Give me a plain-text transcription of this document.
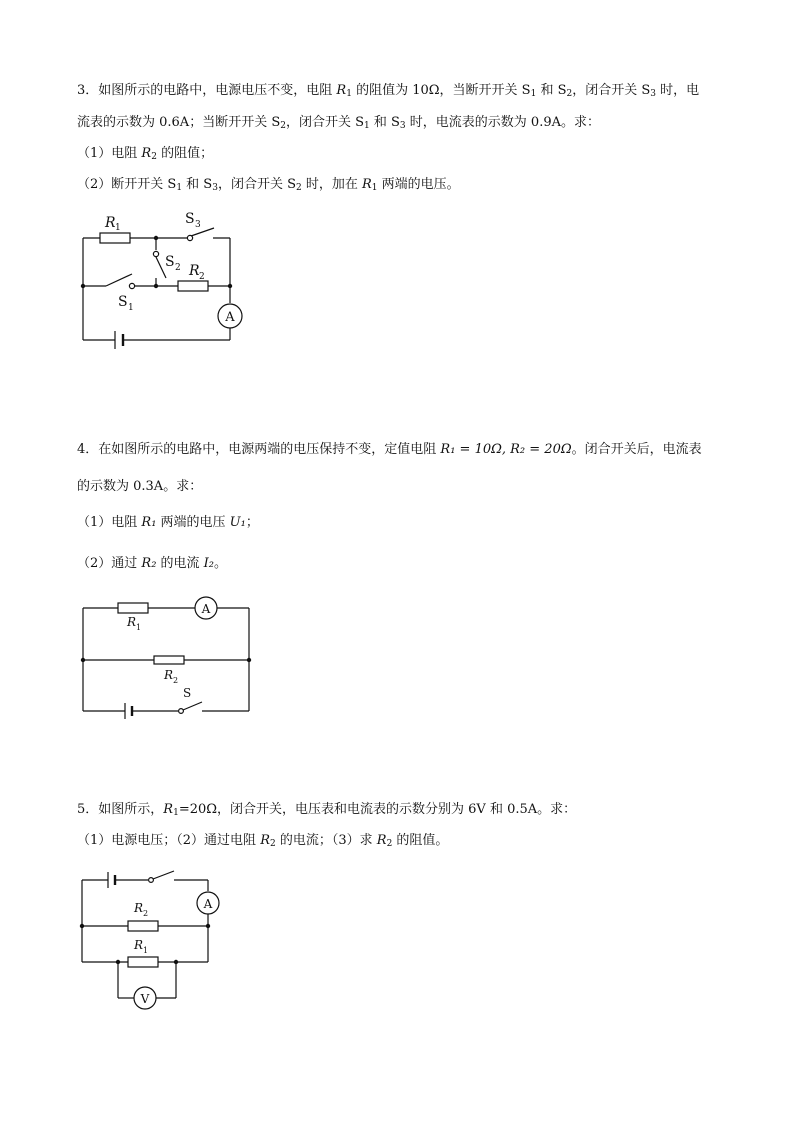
3．如图所示的电路中，电源电压不变，电阻 $R_1$ 的阻值为 10Ω，当断开开关 $S_1$ 和 $S_2$，闭合开关 $S_3$ 时，电
流表的示数为 0.6A；当断开开关 $S_2$，闭合开关 $S_1$ 和 $S_3$ 时，电流表的示数为 0.9A。求：
（1）电阻 $R_2$ 的阻值；
（2）断开开关 $S_1$ 和 $S_3$，闭合开关 $S_2$ 时，加在 $R_1$ 两端的电压。
A
R 1
S 3
S 2 R 2
S 1
4．在如图所示的电路中，电源两端的电压保持不变，定值电阻 R₁ = 10Ω, R₂ = 20Ω。闭合开关后，电流表
的示数为 0.3A。求：
（1）电阻 R₁ 两端的电压 U₁；
（2）通过 R₂ 的电流 I₂。
A
R 1
R 2
S
5．如图所示，$R_1=20\Omega$，闭合开关，电压表和电流表的示数分别为 6V 和 0.5A。求：
（1）电源电压；（2）通过电阻 $R_2$ 的电流；（3）求 $R_2$ 的阻值。
A
V
R 2
R 1
